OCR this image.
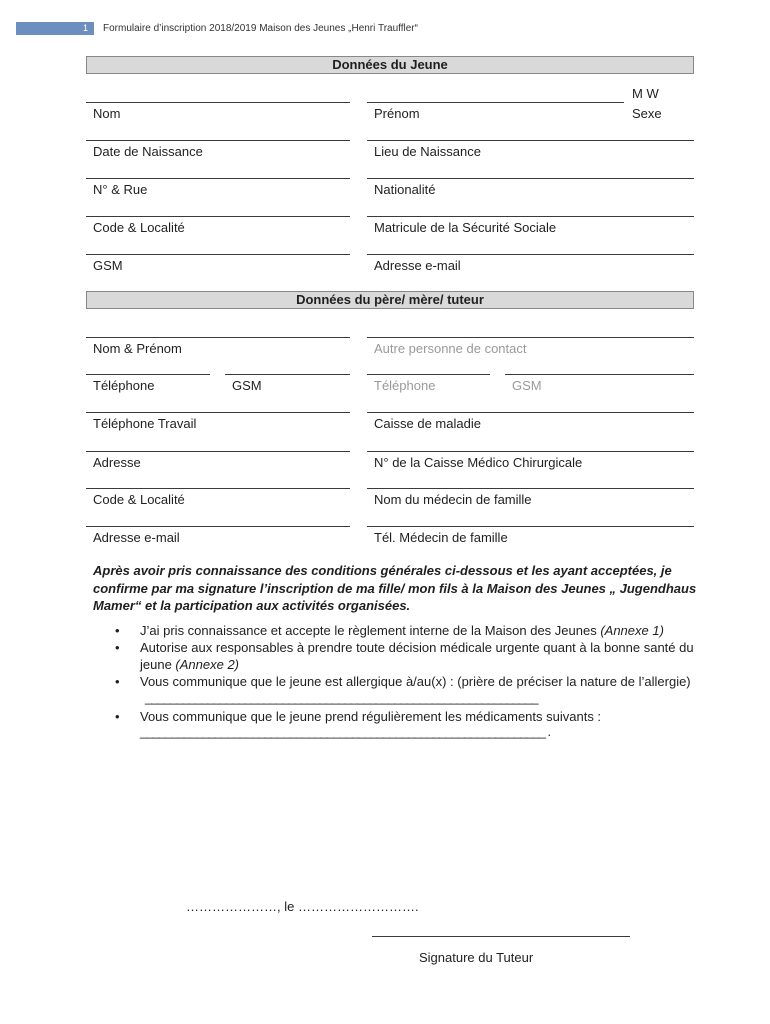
1	Formulaire d’inscription 2018/2019 Maison des Jeunes „Henri Trauffler“
Données du Jeune
M W
Nom	Prénom	Sexe
Date de Naissance	Lieu de Naissance
N° & Rue	Nationalité
Code & Localité	Matricule de la Sécurité Sociale
GSM	Adresse e-mail
Données du père/ mère/ tuteur
Nom & Prénom	Autre personne de contact
Téléphone	GSM	Téléphone	GSM
Téléphone Travail	Caisse de maladie
Adresse	N° de la Caisse Médico Chirurgicale
Code & Localité	Nom du médecin de famille
Adresse e-mail	Tél. Médecin de famille
Après avoir pris connaissance des conditions générales ci-dessous et les ayant acceptées, je confirme par ma signature l’inscription de ma fille/ mon fils à la Maison des Jeunes „ Jugendhaus Mamer“ et la participation aux activités organisées.
• J’ai pris connaissance et accepte le règlement interne de la Maison des Jeunes (Annexe 1)
• Autorise aux responsables à prendre toute décision médicale urgente quant à la bonne santé du jeune (Annexe 2)
• Vous communique que le jeune est allergique à/au(x) : (prière de préciser la nature de l’allergie)
_______________________________________________________________
• Vous communique que le jeune prend régulièrement les médicaments suivants :
_________________________________________________________________ .
…………………, le ……………………….
Signature du Tuteur
